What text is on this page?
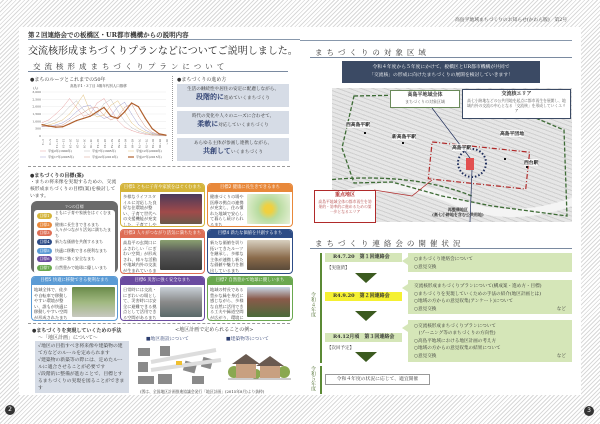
高島平地域まちづくりのお知らせ(かわら版)　第2号
第２回連絡会での板橋区・UR都市機構からの説明内容
交流核形成まちづくりプランなどについてご説明しました。
交流核形成まちづくりプランについて
●まちのルーツとこれまでの50年
高島平1・3丁目 5歳年代別人口推移
(人)
0
500
1,000
1,500
2,000
2,500
3,000
0〜4	5〜9	10〜14	15〜19	20〜24	25〜29	30〜34	35〜39	40〜44	45〜49	50〜54	55〜59	60〜64	65〜69	70〜74	75〜79	80〜84	85〜89	90〜
平成2年(1990年)	平成7年(1995年)	平成12年(2000年)
平成17年(2005年)	平成22年(2010年)	平成27年(2015年)
●まちづくりの進め方
生活の継続性や居住の安定に配慮しながら、
段階的に進めていくまちづくり
時代の変化や人々のニーズに合わせて、
柔軟に対応していくまちづくり
あらゆる主体が参画し連携しながら、
共創していくまちづくり
●まちづくりの目標(案)
・まちの将来像を実現するための、交流核形成まちづくりの目標(案)を検討しています。
7つの目標
目標1
ともに子育や家族をはぐくむまち
目標2	健康に長生きできるまち
目標3
人々がつながり活気に満ちたまち
目標4	新たな価値を共創するまち
目標5	快適に移動できる便利なまち
目標6	災害に強く安全なまち
目標7	自然豊かで地球に優しいまち
目標1 ともに子育や家族をはぐくむまち
多様なライフスタイルに対応した良好な住環境が整い、子育て世代への支援機能が充実した、子育てしや
目標2 健康に長生きできるまち
健康づくりの場や医療の拠点の連携が充実し、住み慣れた地域で安心して暮らし続けられるまち
目標3 人々がつながり活気に満ちたまち
高島平の玄関口にふさわしい「にぎわい空間」が形成され、様々な活動や地域内外の交流が生まれているま
目標4 新たな価値を共創するまち
新たな価値を切り拓いてきたルーツを継承し、多様な主体が連携し新たな価値や魅力を創出しているまち
目標5 快適に移動できる便利なまち
地域全体で、徒歩や自転車で移動しやすい環境が整い、誰もが快適に移動しやすい空間が形成されたまち
目標6 災害に強く安全なまち
日常時には交流・にぎわいの場として、災害時には安全に避難できる拠点として活用できる空間があるまち
目標7 自然豊かで地球に優しいまち
地域の特長である豊かな緑を身近に感じながら、多様な自然に活用できる工夫や緑道空間が広がり、環境に
●まちづくりを実現していくための手法
〜「地区計画」について〜
✓地区の目指すべき将来像や建築物の建て方などのルールを定められます
✓建築物の新築等の際には、定めたルールに適合させることが必要です
✓段階的に整備が進むことで、目標とするまちづくりの実現を図ることができます
<地区計画で定められることの例>
■地区施設について	■建築物等について
(図は、全国地区計画推進協議会発行「地区計画」(2015年8月)より抜粋)
2
まちづくりの対象区域
令和４年度から５年度にかけて、板橋区とUR都市機構が共同で
「交流核」の形成に向けたまちづくりの展開を検討していきます！
高島平地域全体
まちづくりの対象区域
交流核エリア
高七小跡地などの公共用地を起点に都市再生を展開し、地域内外の交流の中心となる「交流核」を形成していくエリア
西高島平駅
新高島平駅
高島平駅
西台駅
高島平団地
再整備地区
(高七小跡地を含む公共用地)
重点地区
高島平地域全体の都市再生を効果的・効率的に進めるための第一歩となるエリア
まちづくり連絡会の開催状況
令和４年度
令和５年度
R4.7.20　 第１回連絡会
【実施済】
○まちづくり連絡会について
○意見交換
R4.9.20　 第２回連絡会
交流核形成まちづくりプランについて(構成案・進め方・目標)
○まちづくりを実現していくための手法の紹介(地区計画とは)
○地域の方からの意見収集(アンケート)について
○意見交換	など
R4.12月頃　 第３回連絡会
【次回予定】
○交流核形成まちづくりプランについて
　(ゾーニング等のまちづくりの方向性)
○高島平地域における地区計画の考え方
○地域の方からの意見収集の結果について
○意見交換	など
令和４年度の状況に応じて、適宜開催
3
